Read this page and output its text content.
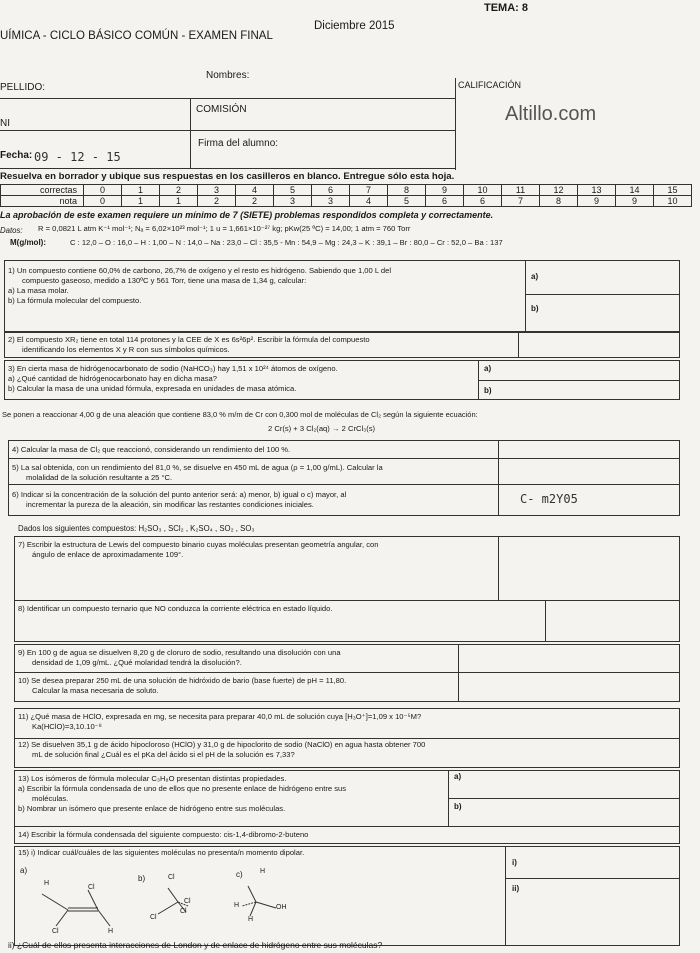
TEMA: 8
UÍMICA - CICLO BÁSICO COMÚN - EXAMEN FINAL
Diciembre 2015
Nombres:
PELLIDO:	CALIFICACIÓN
Altillo.com
NI
COMISIÓN
Fecha: 09 - 12 - 15
Firma del alumno:
Resuelva en borrador y ubique sus respuestas en los casilleros en blanco. Entregue sólo esta hoja.
correctas	0	1	2	3	4	5	6	7	8	9	10	11	12	13	14	15
nota	0	1	1	2	2	3	3	4	5	6	6	7	8	9	9	10
La aprobación de este examen requiere un mínimo de 7 (SIETE) problemas respondidos completa y correctamente.
Datos: R = 0,0821 L atm K⁻¹ mol⁻¹; Nₐ = 6,02×10²³ mol⁻¹; 1 u = 1,661×10⁻²⁷ kg; pKw(25 ºC) = 14,00; 1 atm = 760 Torr
M(g/mol):	C : 12,0 – O : 16,0 – H : 1,00 – N : 14,0 – Na : 23,0 – Cl : 35,5 - Mn : 54,9 – Mg : 24,3 – K : 39,1 – Br : 80,0 – Cr : 52,0 – Ba : 137
1) Un compuesto contiene 60,0% de carbono, 26,7% de oxígeno y el resto es hidrógeno. Sabiendo que 1,00 L del
compuesto gaseoso, medido a 130ºC y 561 Torr, tiene una masa de 1,34 g, calcular:
a) La masa molar.
b) La fórmula molecular del compuesto.
a)
b)
2) El compuesto XR₂ tiene en total 114 protones y la CEE de X es 6s²6p². Escribir la fórmula del compuesto
identificando los elementos X y R con sus símbolos químicos.
3) En cierta masa de hidrógenocarbonato de sodio (NaHCO₃) hay 1,51 x 10²⁴ átomos de oxígeno.
a) ¿Qué cantidad de hidrógenocarbonato hay en dicha masa?
b) Calcular la masa de una unidad fórmula, expresada en unidades de masa atómica.
a)
b)
Se ponen a reaccionar 4,00 g de una aleación que contiene 83,0 % m/m de Cr con 0,300 mol de moléculas de Cl₂ según la siguiente ecuación:
2 Cr(s) + 3 Cl₂(aq) → 2 CrCl₃(s)
4) Calcular la masa de Cl₂ que reaccionó, considerando un rendimiento del 100 %.
5) La sal obtenida, con un rendimiento del 81,0 %, se disuelve en 450 mL de agua (ρ = 1,00 g/mL). Calcular la
molalidad de la solución resultante a 25 °C.
6) Indicar si la concentración de la solución del punto anterior será: a) menor, b) igual o c) mayor, al
incrementar la pureza de la aleación, sin modificar las restantes condiciones iniciales.	C- m2Y05
Dados los siguientes compuestos: H₂SO₃ , SCl₂ , K₂SO₄ , SO₂ , SO₃
7) Escribir la estructura de Lewis del compuesto binario cuyas moléculas presentan geometría angular, con
ángulo de enlace de aproximadamente 109°.
8) Identificar un compuesto ternario que NO conduzca la corriente eléctrica en estado líquido.
9) En 100 g de agua se disuelven 8,20 g de cloruro de sodio, resultando una disolución con una
densidad de 1,09 g/mL. ¿Qué molaridad tendrá la disolución?.
10) Se desea preparar 250 mL de una solución de hidróxido de bario (base fuerte) de pH = 11,80.
Calcular la masa necesaria de soluto.
11) ¿Qué masa de HClO, expresada en mg, se necesita para preparar 40,0 mL de solución cuya [H₃O⁺]=1,09 x 10⁻⁵M?
Ka(HClO)=3,10.10⁻⁸
12) Se disuelven 35,1 g de ácido hipocloroso (HClO) y 31,0 g de hipoclorito de sodio (NaClO) en agua hasta obtener 700
mL de solución final ¿Cuál es el pKa del ácido si el pH de la solución es 7,33?
13) Los isómeros de fórmula molecular C₃H₈O presentan distintas propiedades.
a) Escribir la fórmula condensada de uno de ellos que no presente enlace de hidrógeno entre sus
moléculas.
b) Nombrar un isómero que presente enlace de hidrógeno entre sus moléculas.
a)
b)
14) Escribir la fórmula condensada del siguiente compuesto: cis-1,4-dibromo-2-buteno
15) i) Indicar cuál/cuáles de las siguientes moléculas no presenta/n momento dipolar.
i)
ii)
a)
H
Cl
Cl	H
b)	Cl
Cl
Cl
Cl
c) H
OH
H
H
ii) ¿Cuál de ellos presenta interacciones de London y de enlace de hidrógeno entre sus moléculas?
